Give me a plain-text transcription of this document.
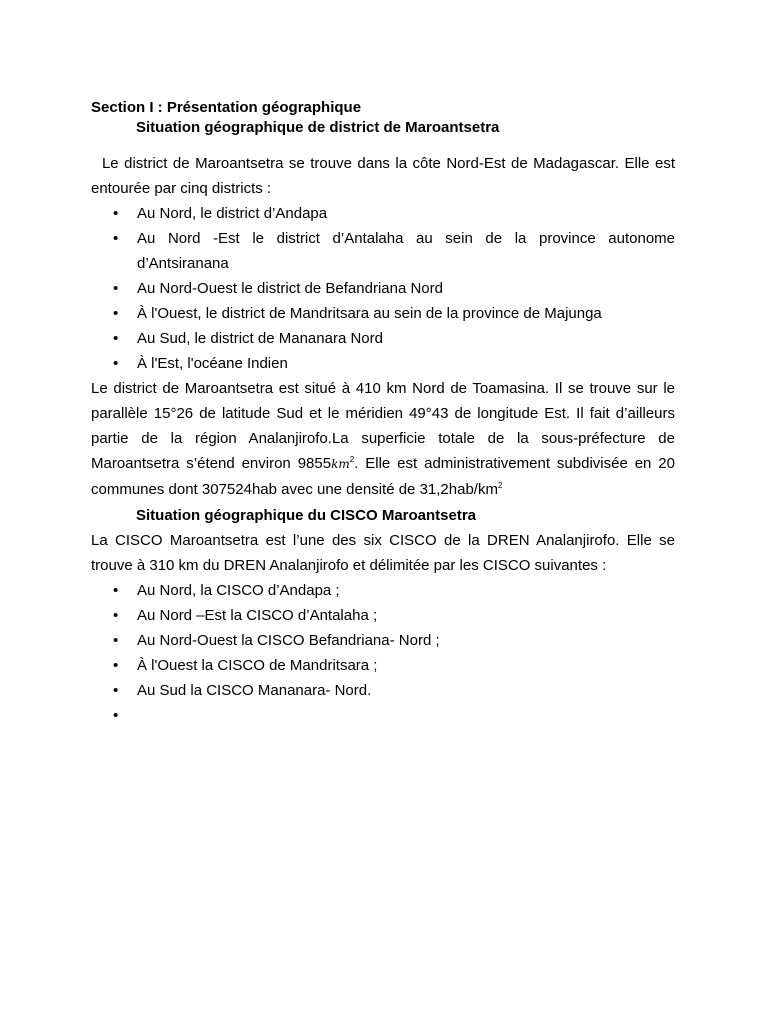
Section I : Présentation géographique

Situation géographique de district de Maroantsetra

Le district de Maroantsetra se trouve dans la côte Nord-Est de Madagascar. Elle est entourée par cinq districts :

• Au Nord, le district d’Andapa
• Au Nord -Est le district d’Antalaha au sein de la province autonome d’Antsiranana
• Au Nord-Ouest le district de Befandriana Nord
• À l'Ouest, le district de Mandritsara au sein de la province de Majunga
• Au Sud, le district de Mananara Nord
• À l'Est, l'océane Indien

Le district de Maroantsetra est situé à 410 km Nord de Toamasina. Il se trouve sur le parallèle 15°26 de latitude Sud et le méridien 49°43 de longitude Est. Il fait d’ailleurs partie de la région Analanjirofo.La superficie totale de la sous-préfecture de Maroantsetra s’étend environ $9855km^2$. Elle est administrativement subdivisée en 20 communes dont 307524hab avec une densité de $31,2hab/km^2$

Situation géographique du CISCO Maroantsetra

La CISCO Maroantsetra est l’une des six CISCO de la DREN Analanjirofo. Elle se trouve à 310 km du DREN Analanjirofo et délimitée par les CISCO suivantes :

• Au Nord, la CISCO d’Andapa ;
• Au Nord –Est la CISCO d’Antalaha ;
• Au Nord-Ouest la CISCO Befandriana- Nord ;
• À l'Ouest la CISCO de Mandritsara ;
• Au Sud la CISCO Mananara- Nord.
•
